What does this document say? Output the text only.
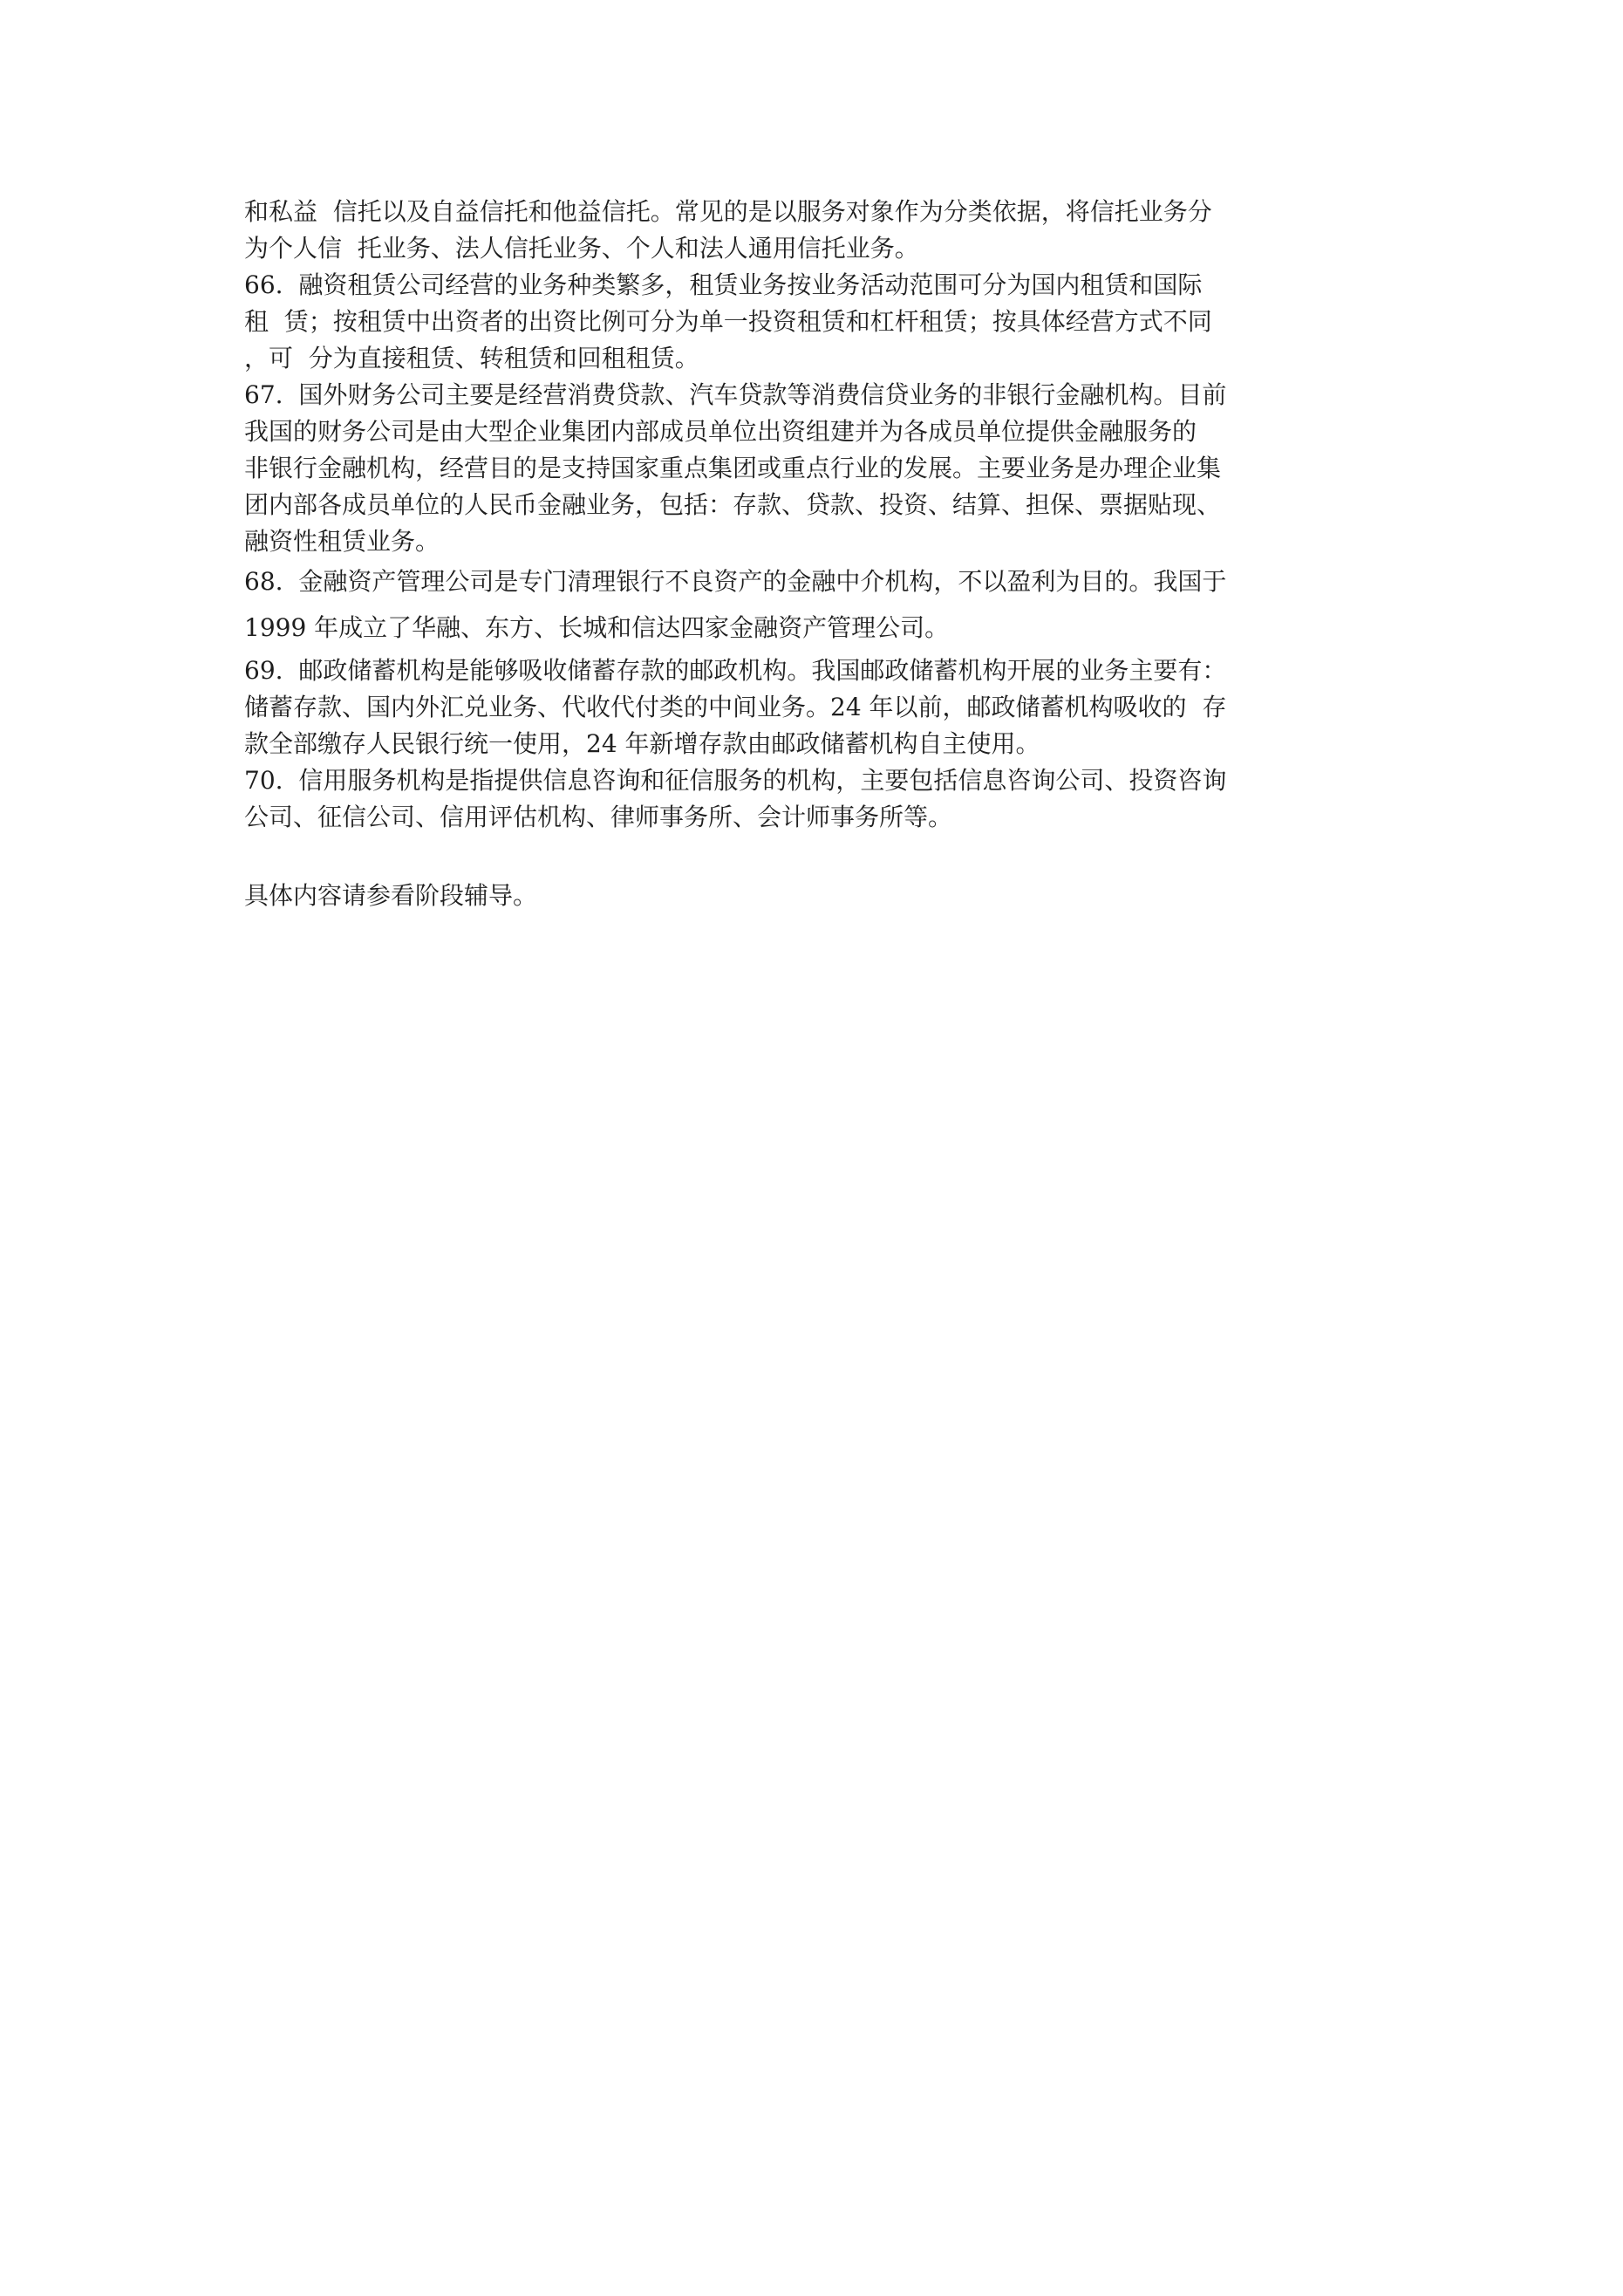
和私益  信托以及自益信托和他益信托。常见的是以服务对象作为分类依据，将信托业务分
为个人信  托业务、法人信托业务、个人和法人通用信托业务。
66.  融资租赁公司经营的业务种类繁多，租赁业务按业务活动范围可分为国内租赁和国际
租  赁；按租赁中出资者的出资比例可分为单一投资租赁和杠杆租赁；按具体经营方式不同
，可  分为直接租赁、转租赁和回租租赁。
67.  国外财务公司主要是经营消费贷款、汽车贷款等消费信贷业务的非银行金融机构。目前
我国的财务公司是由大型企业集团内部成员单位出资组建并为各成员单位提供金融服务的
非银行金融机构，经营目的是支持国家重点集团或重点行业的发展。主要业务是办理企业集
团内部各成员单位的人民币金融业务，包括：存款、贷款、投资、结算、担保、票据贴现、
融资性租赁业务。
68.  金融资产管理公司是专门清理银行不良资产的金融中介机构，不以盈利为目的。我国于
1999 年成立了华融、东方、长城和信达四家金融资产管理公司。
69.  邮政储蓄机构是能够吸收储蓄存款的邮政机构。我国邮政储蓄机构开展的业务主要有：
储蓄存款、国内外汇兑业务、代收代付类的中间业务。24 年以前，邮政储蓄机构吸收的  存
款全部缴存人民银行统一使用，24 年新增存款由邮政储蓄机构自主使用。
70.  信用服务机构是指提供信息咨询和征信服务的机构，主要包括信息咨询公司、投资咨询
公司、征信公司、信用评估机构、律师事务所、会计师事务所等。
具体内容请参看阶段辅导。
